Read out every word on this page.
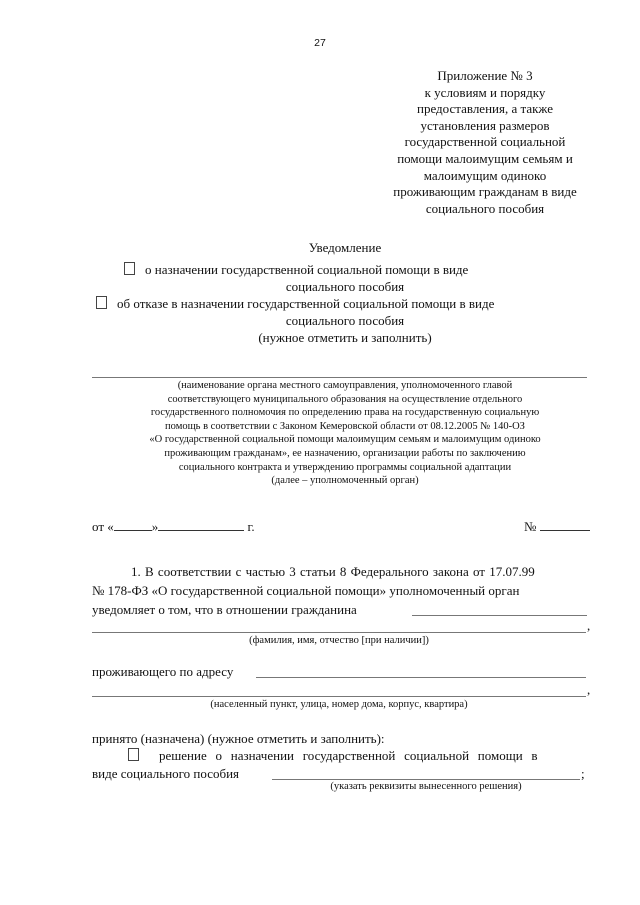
27
Приложение № 3
к условиям и порядку
предоставления, а также
установления размеров
государственной социальной
помощи малоимущим семьям и
малоимущим одиноко
проживающим гражданам в виде
социального пособия
Уведомление
о назначении государственной социальной помощи в виде
социального пособия
об отказе в назначении государственной социальной помощи в виде
социального пособия
(нужное отметить и заполнить)
(наименование органа местного самоуправления, уполномоченного главой
соответствующего муниципального образования на осуществление отдельного
государственного полномочия по определению права на государственную социальную
помощь в соответствии с Законом Кемеровской области от 08.12.2005 № 140-ОЗ
«О государственной социальной помощи малоимущим семьям и малоимущим одиноко
проживающим гражданам», ее назначению, организации работы по заключению
социального контракта и утверждению программы социальной адаптации
(далее – уполномоченный орган)
от «	»	г.	№
1. В соответствии с частью 3 статьи 8 Федерального закона от 17.07.99
№ 178-ФЗ «О государственной социальной помощи» уполномоченный орган
уведомляет о том, что в отношении гражданина
,
(фамилия, имя, отчество [при наличии])
проживающего по адресу
,
(населенный пункт, улица, номер дома, корпус, квартира)
принято (назначена) (нужное отметить и заполнить):
решение о назначении государственной социальной помощи в
виде социального пособия	;
(указать реквизиты вынесенного решения)
